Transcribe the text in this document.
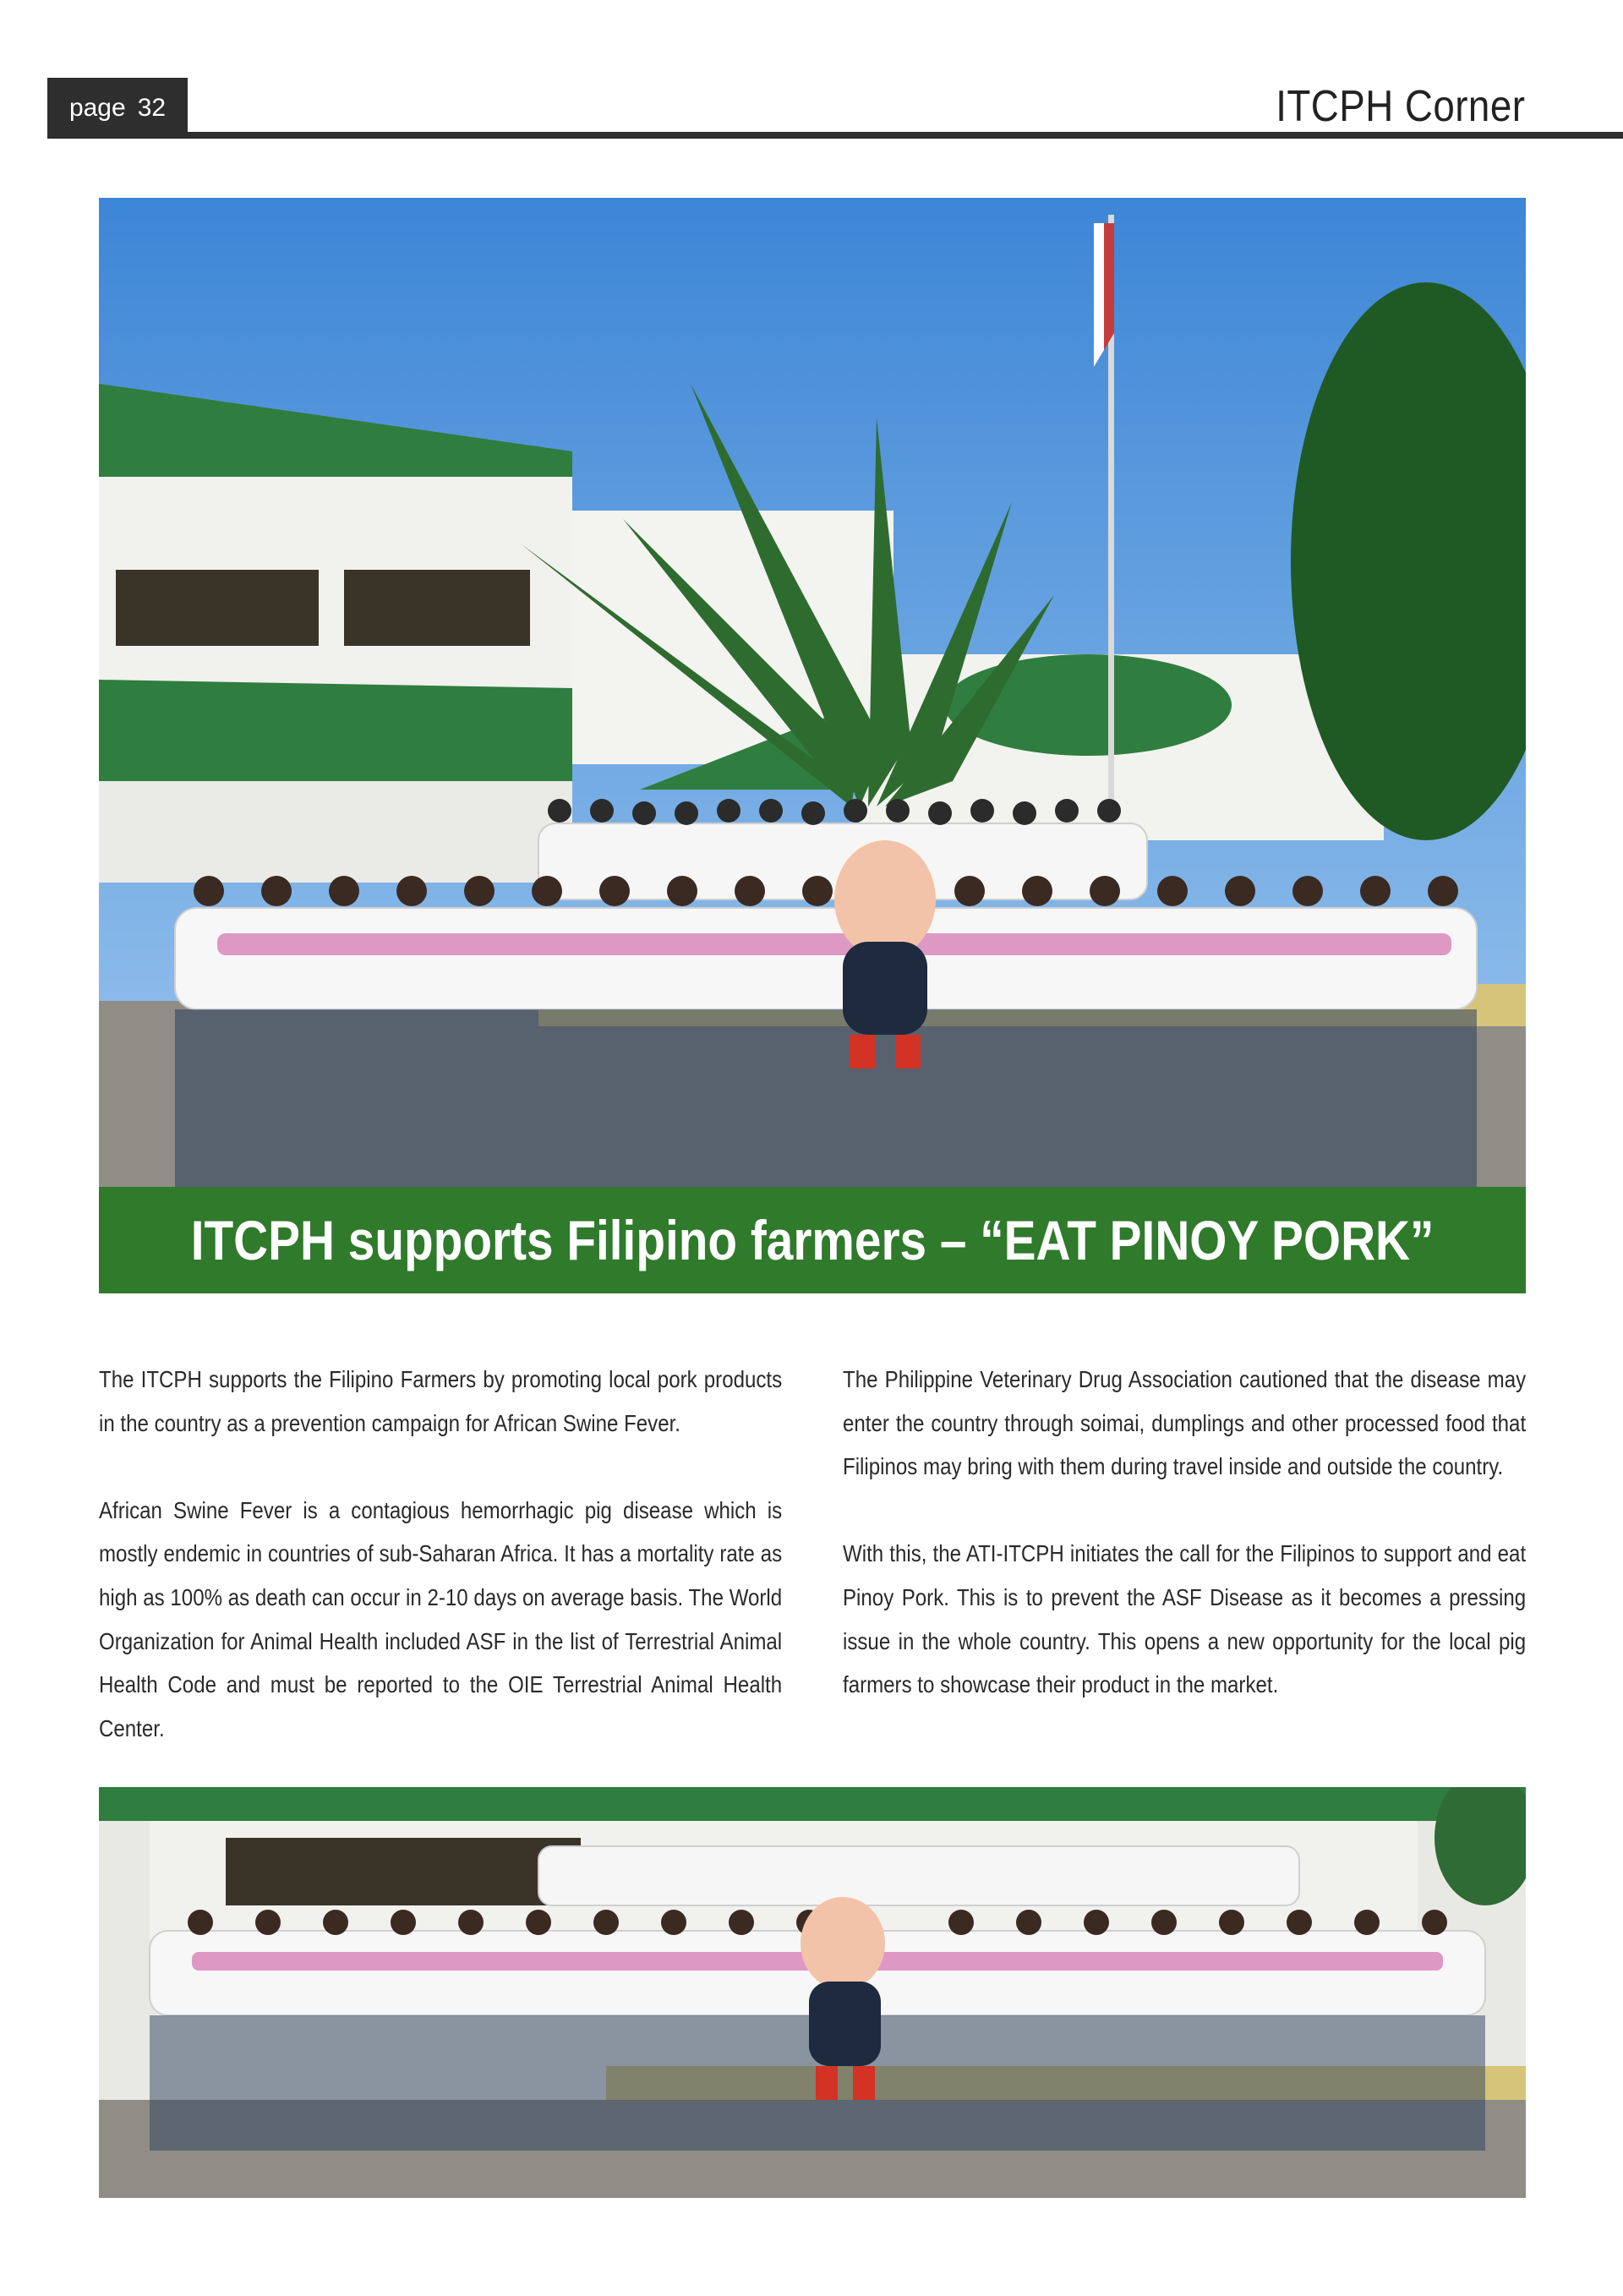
page 32	ITCPH Corner
ITCPH supports Filipino farmers – “EAT PINOY PORK”

The ITCPH supports the Filipino Farmers by promoting local pork products in the country as a prevention campaign for African Swine Fever.

African Swine Fever is a contagious hemorrhagic pig disease which is mostly endemic in countries of sub-Saharan Africa. It has a mortality rate as high as 100% as death can occur in 2-10 days on average basis. The World Organization for Animal Health included ASF in the list of Terrestrial Animal Health Code and must be reported to the OIE Terrestrial Animal Health Center.

The Philippine Veterinary Drug Association cautioned that the disease may enter the country through soimai, dumplings and other processed food that Filipinos may bring with them during travel inside and outside the country.

With this, the ATI-ITCPH initiates the call for the Filipinos to support and eat Pinoy Pork. This is to prevent the ASF Disease as it becomes a pressing issue in the whole country. This opens a new opportunity for the local pig farmers to showcase their product in the market.
